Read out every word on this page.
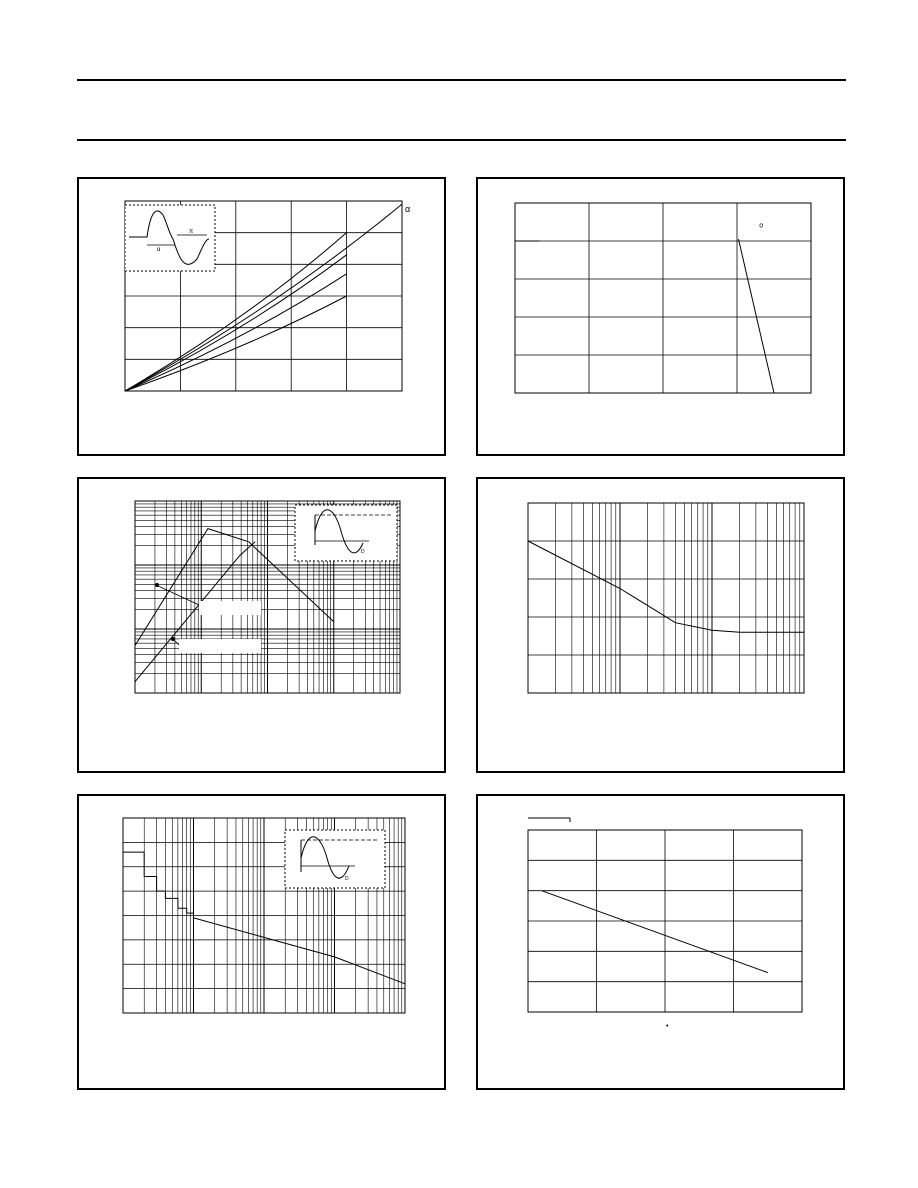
α
α
π
o
D
D
•
